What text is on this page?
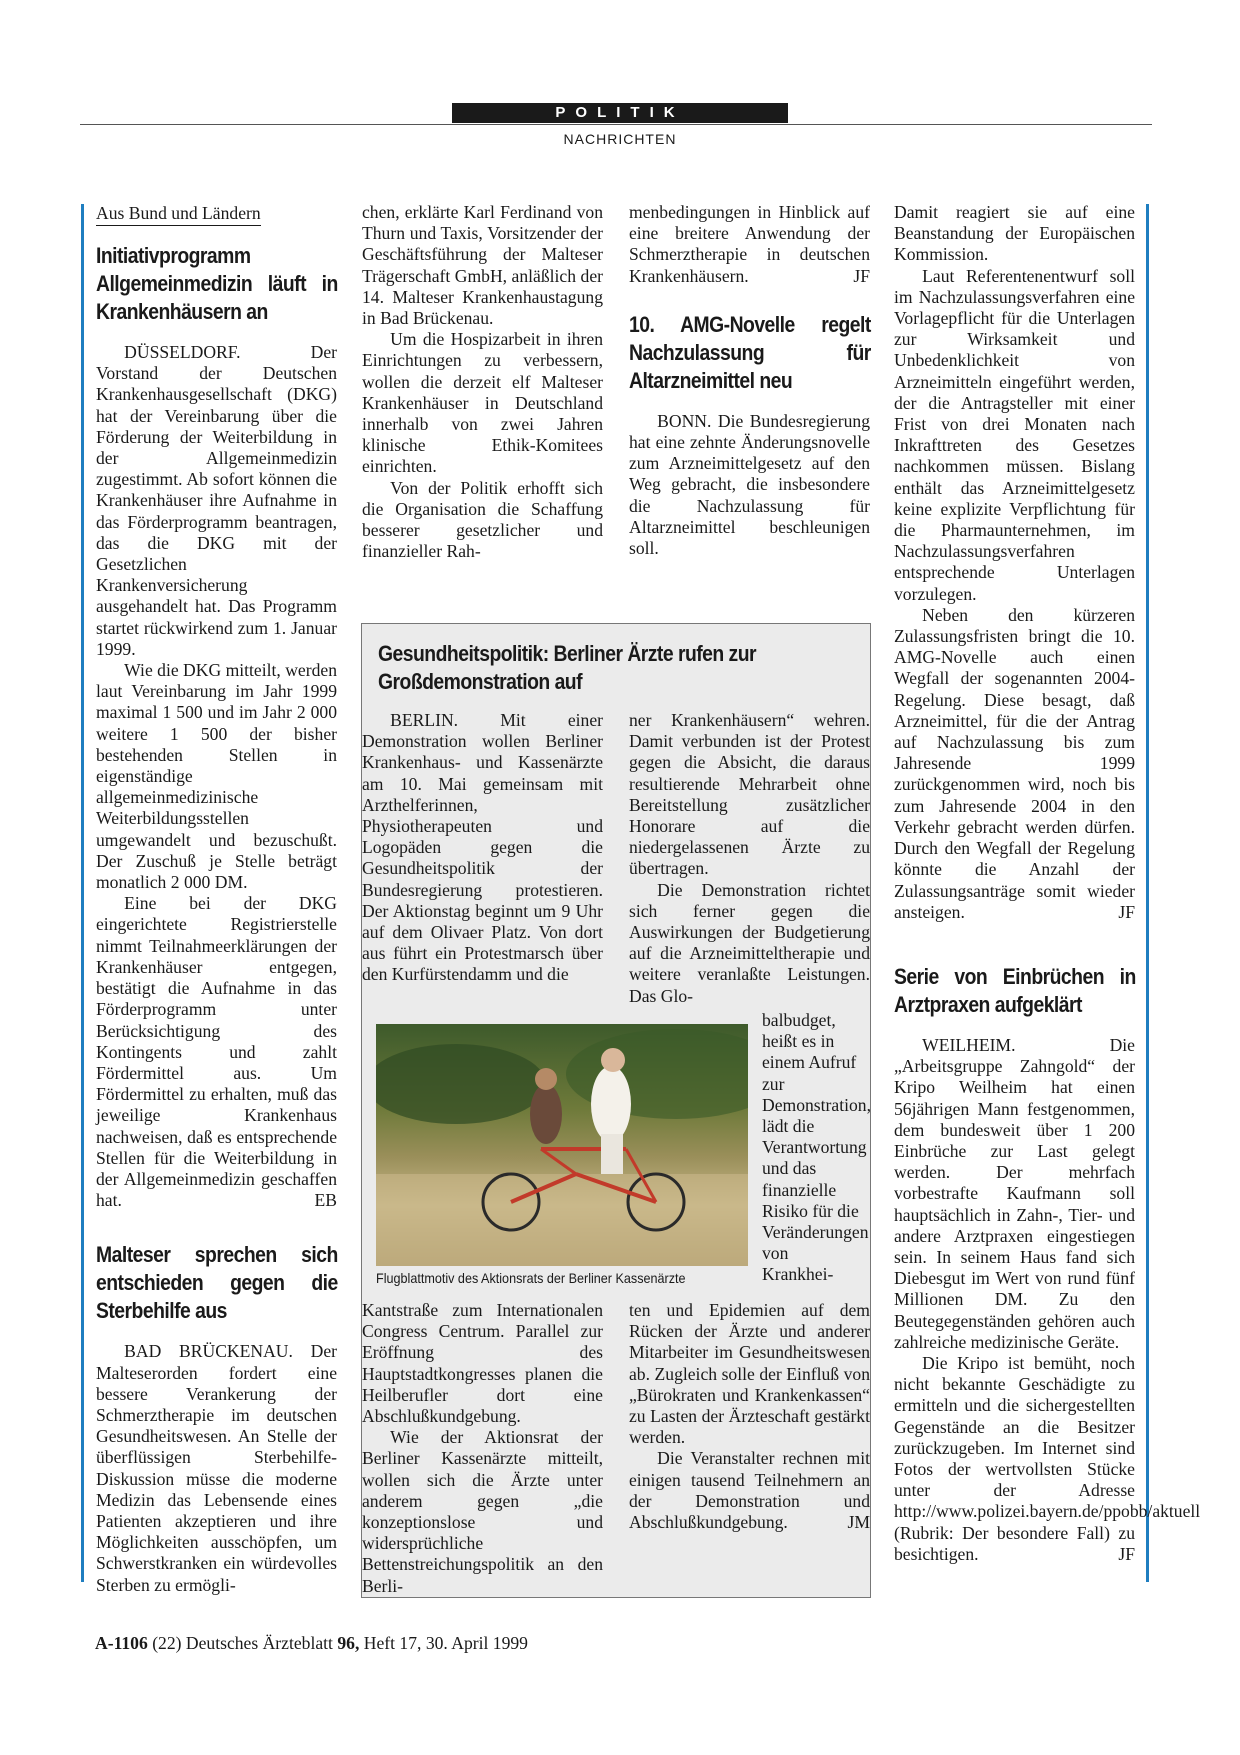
POLITIK
NACHRICHTEN
Aus Bund und Ländern
Initiativprogramm Allgemeinmedizin läuft in Krankenhäusern an

DÜSSELDORF. Der Vorstand der Deutschen Krankenhausgesellschaft (DKG) hat der Vereinbarung über die Förderung der Weiterbildung in der Allgemeinmedizin zugestimmt. Ab sofort können die Krankenhäuser ihre Aufnahme in das Förderprogramm beantragen, das die DKG mit der Gesetzlichen Krankenversicherung ausgehandelt hat. Das Programm startet rückwirkend zum 1. Januar 1999.

Wie die DKG mitteilt, werden laut Vereinbarung im Jahr 1999 maximal 1 500 und im Jahr 2 000 weitere 1 500 der bisher bestehenden Stellen in eigenständige allgemeinmedizinische Weiterbildungsstellen umgewandelt und bezuschußt. Der Zuschuß je Stelle beträgt monatlich 2 000 DM.

Eine bei der DKG eingerichtete Registrierstelle nimmt Teilnahmeerklärungen der Krankenhäuser entgegen, bestätigt die Aufnahme in das Förderprogramm unter Berücksichtigung des Kontingents und zahlt Fördermittel aus. Um Fördermittel zu erhalten, muß das jeweilige Krankenhaus nachweisen, daß es entsprechende Stellen für die Weiterbildung in der Allgemeinmedizin geschaffen hat.	EB

Malteser sprechen sich entschieden gegen die Sterbehilfe aus

BAD BRÜCKENAU. Der Malteserorden fordert eine bessere Verankerung der Schmerztherapie im deutschen Gesundheitswesen. An Stelle der überflüssigen Sterbehilfe-Diskussion müsse die moderne Medizin das Lebensende eines Patienten akzeptieren und ihre Möglichkeiten ausschöpfen, um Schwerstkranken ein würdevolles Sterben zu ermögli-

chen, erklärte Karl Ferdinand von Thurn und Taxis, Vorsitzender der Geschäftsführung der Malteser Trägerschaft GmbH, anläßlich der 14. Malteser Krankenhaustagung in Bad Brückenau.

Um die Hospizarbeit in ihren Einrichtungen zu verbessern, wollen die derzeit elf Malteser Krankenhäuser in Deutschland innerhalb von zwei Jahren klinische Ethik-Komitees einrichten.

Von der Politik erhofft sich die Organisation die Schaffung besserer gesetzlicher und finanzieller Rah-

menbedingungen in Hinblick auf eine breitere Anwendung der Schmerztherapie in deutschen Krankenhäusern.	JF

10. AMG-Novelle regelt Nachzulassung für Altarzneimittel neu

BONN. Die Bundesregierung hat eine zehnte Änderungsnovelle zum Arzneimittelgesetz auf den Weg gebracht, die insbesondere die Nachzulassung für Altarzneimittel beschleunigen soll.

Damit reagiert sie auf eine Beanstandung der Europäischen Kommission.

Laut Referentenentwurf soll im Nachzulassungsverfahren eine Vorlagepflicht für die Unterlagen zur Wirksamkeit und Unbedenklichkeit von Arzneimitteln eingeführt werden, der die Antragsteller mit einer Frist von drei Monaten nach Inkrafttreten des Gesetzes nachkommen müssen. Bislang enthält das Arzneimittelgesetz keine explizite Verpflichtung für die Pharmaunternehmen, im Nachzulassungsverfahren entsprechende Unterlagen vorzulegen.

Neben den kürzeren Zulassungsfristen bringt die 10. AMG-Novelle auch einen Wegfall der sogenannten 2004-Regelung. Diese besagt, daß Arzneimittel, für die der Antrag auf Nachzulassung bis zum Jahresende 1999 zurückgenommen wird, noch bis zum Jahresende 2004 in den Verkehr gebracht werden dürfen. Durch den Wegfall der Regelung könnte die Anzahl der Zulassungsanträge somit wieder ansteigen.	JF

Serie von Einbrüchen in Arztpraxen aufgeklärt

WEILHEIM. Die „Arbeitsgruppe Zahngold“ der Kripo Weilheim hat einen 56jährigen Mann festgenommen, dem bundesweit über 1 200 Einbrüche zur Last gelegt werden. Der mehrfach vorbestrafte Kaufmann soll hauptsächlich in Zahn-, Tier- und andere Arztpraxen eingestiegen sein. In seinem Haus fand sich Diebesgut im Wert von rund fünf Millionen DM. Zu den Beutegegenständen gehören auch zahlreiche medizinische Geräte.

Die Kripo ist bemüht, noch nicht bekannte Geschädigte zu ermitteln und die sichergestellten Gegenstände an die Besitzer zurückzugeben. Im Internet sind Fotos der wertvollsten Stücke unter der Adresse http://www.polizei.bayern.de/ppobb/aktuell (Rubrik: Der besondere Fall) zu besichtigen.	JF

Gesundheitspolitik: Berliner Ärzte rufen zur Großdemonstration auf

BERLIN. Mit einer Demonstration wollen Berliner Krankenhaus- und Kassenärzte am 10. Mai gemeinsam mit Arzthelferinnen, Physiotherapeuten und Logopäden gegen die Gesundheitspolitik der Bundesregierung protestieren. Der Aktionstag beginnt um 9 Uhr auf dem Olivaer Platz. Von dort aus führt ein Protestmarsch über den Kurfürstendamm und die

ner Krankenhäusern“ wehren. Damit verbunden ist der Protest gegen die Absicht, die daraus resultierende Mehrarbeit ohne Bereitstellung zusätzlicher Honorare auf die niedergelassenen Ärzte zu übertragen.

Die Demonstration richtet sich ferner gegen die Auswirkungen der Budgetierung auf die Arzneimitteltherapie und weitere veranlaßte Leistungen. Das Glo-

balbudget, heißt es in einem Aufruf zur Demonstration, lädt die Verantwortung und das finanzielle Risiko für die Veränderungen von Krankhei-

Flugblattmotiv des Aktionsrats der Berliner Kassenärzte

Kantstraße zum Internationalen Congress Centrum. Parallel zur Eröffnung des Hauptstadtkongresses planen die Heilberufler dort eine Abschlußkundgebung.

Wie der Aktionsrat der Berliner Kassenärzte mitteilt, wollen sich die Ärzte unter anderem gegen „die konzeptionslose und widersprüchliche Bettenstreichungspolitik an den Berli-

ten und Epidemien auf dem Rücken der Ärzte und anderer Mitarbeiter im Gesundheitswesen ab. Zugleich solle der Einfluß von „Bürokraten und Krankenkassen“ zu Lasten der Ärzteschaft gestärkt werden.

Die Veranstalter rechnen mit einigen tausend Teilnehmern an der Demonstration und Abschlußkundgebung.	JM

A-1106 (22) Deutsches Ärzteblatt 96, Heft 17, 30. April 1999
